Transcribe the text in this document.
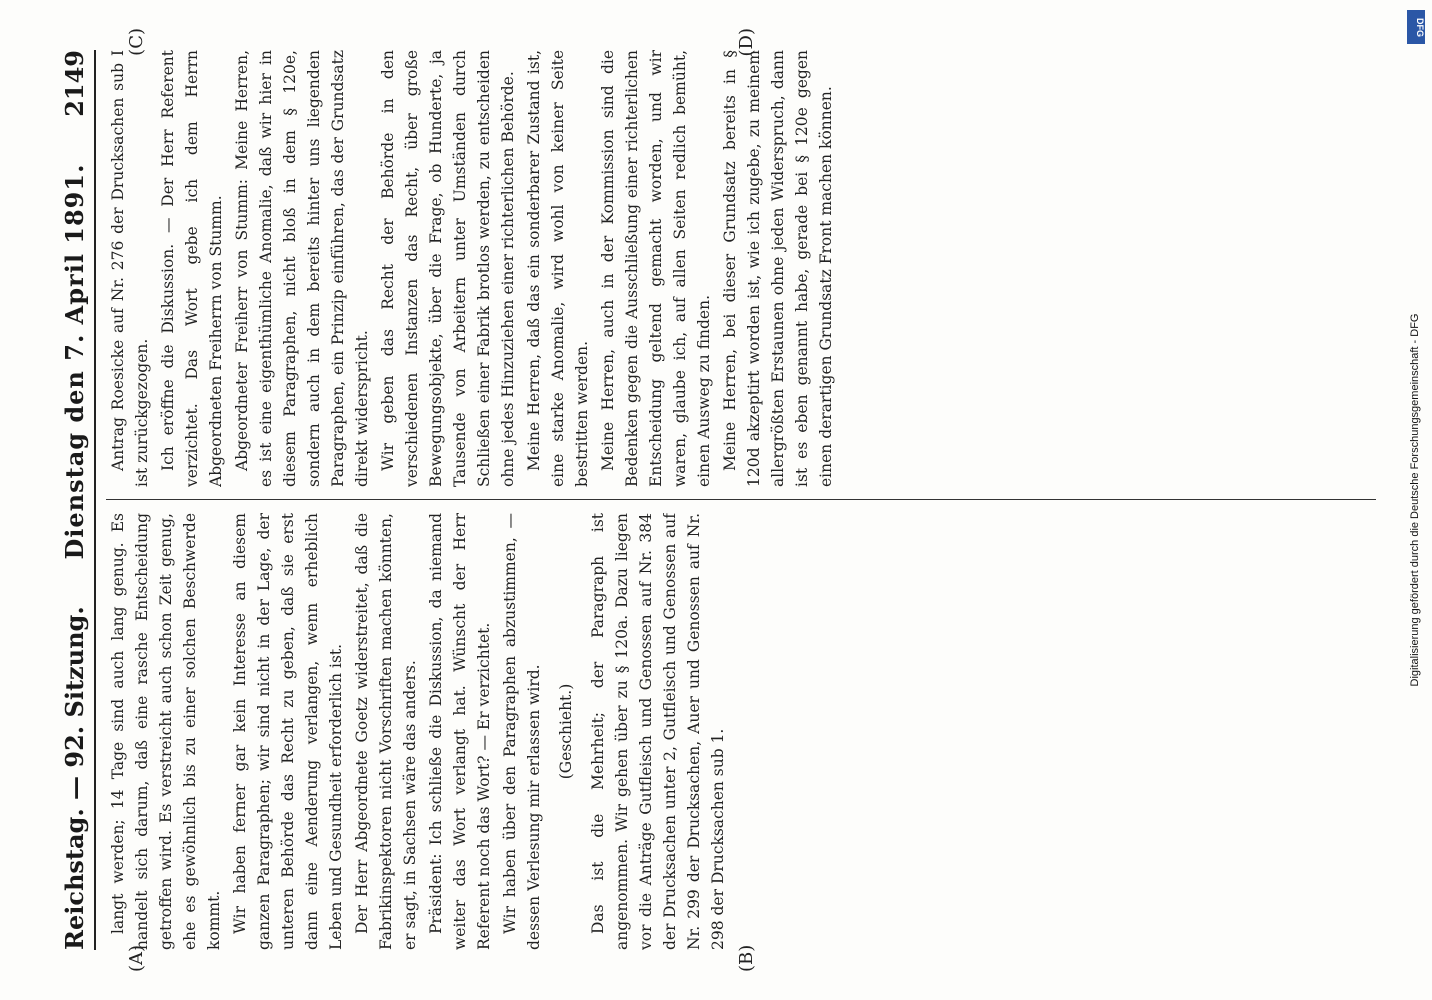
Reichstag. — 92. Sitzung.
Dienstag den 7. April 1891.
2149

langt werden; 14 Tage sind auch lang genug. Es handelt sich darum, daß eine rasche Entscheidung getroffen wird. Es verstreicht auch schon Zeit genug, ehe es gewöhnlich bis zu einer solchen Beschwerde kommt. Wir haben ferner gar kein Interesse an diesem ganzen Paragraphen; wir sind nicht in der Lage, der unteren Behörde das Recht zu geben, daß sie erst dann eine Aenderung verlangen, wenn erheblich Leben und Gesundheit erforderlich ist. Der Herr Abgeordnete Goetz widerstreitet, daß die Fabrikinspektoren nicht Vorschriften machen könnten, er sagt, in Sachsen wäre das anders. Präsident: Ich schließe die Diskussion, da niemand weiter das Wort verlangt hat. Wünscht der Herr Referent noch das Wort? — Er verzichtet. Wir haben über den Paragraphen abzustimmen, — dessen Verlesung mir erlassen wird. (Geschieht.) Das ist die Mehrheit; der Paragraph ist angenommen. Wir gehen über zu § 120a. Dazu liegen vor die Anträge Gutfleisch und Genossen auf Nr. 384 der Drucksachen unter 2, Gutfleisch und Genossen auf Nr. 299 der Drucksachen, Auer und Genossen auf Nr. 298 der Drucksachen sub 1.

Antrag Roesicke auf Nr. 276 der Drucksachen sub I ist zurückgezogen. Ich eröffne die Diskussion. — Der Herr Referent verzichtet. Das Wort gebe ich dem Herrn Abgeordneten Freiherrn von Stumm. Abgeordneter Freiherr von Stumm: Meine Herren, es ist eine eigenthümliche Anomalie, daß wir hier in diesem Paragraphen, nicht bloß in dem § 120e, sondern auch in dem bereits hinter uns liegenden Paragraphen, ein Prinzip einführen, das der Grundsatz direkt widerspricht. Wir geben das Recht der Behörde in den verschiedenen Instanzen das Recht, über große Bewegungsobjekte, über die Frage, ob Hunderte, ja Tausende von Arbeitern unter Umständen durch Schließen einer Fabrik brotlos werden, zu entscheiden ohne jedes Hinzuziehen einer richterlichen Behörde. Meine Herren, daß das ein sonderbarer Zustand ist, eine starke Anomalie, wird wohl von keiner Seite bestritten werden. Meine Herren, auch in der Kommission sind die Bedenken gegen die Ausschließung einer richterlichen Entscheidung geltend gemacht worden, und wir waren, glaube ich, auf allen Seiten redlich bemüht, einen Ausweg zu finden. Meine Herren, bei dieser Grundsatz bereits in § 120d akzeptirt worden ist, wie ich zugebe, zu meinem allergrößten Erstaunen ohne jeden Widerspruch, dann ist es eben genannt habe, gerade bei § 120e gegen einen derartigen Grundsatz Front machen können.

(A)	(B)
(C)	(D)
DFG
Digitalisierung gefördert durch die Deutsche Forschungsgemeinschaft - DFG
